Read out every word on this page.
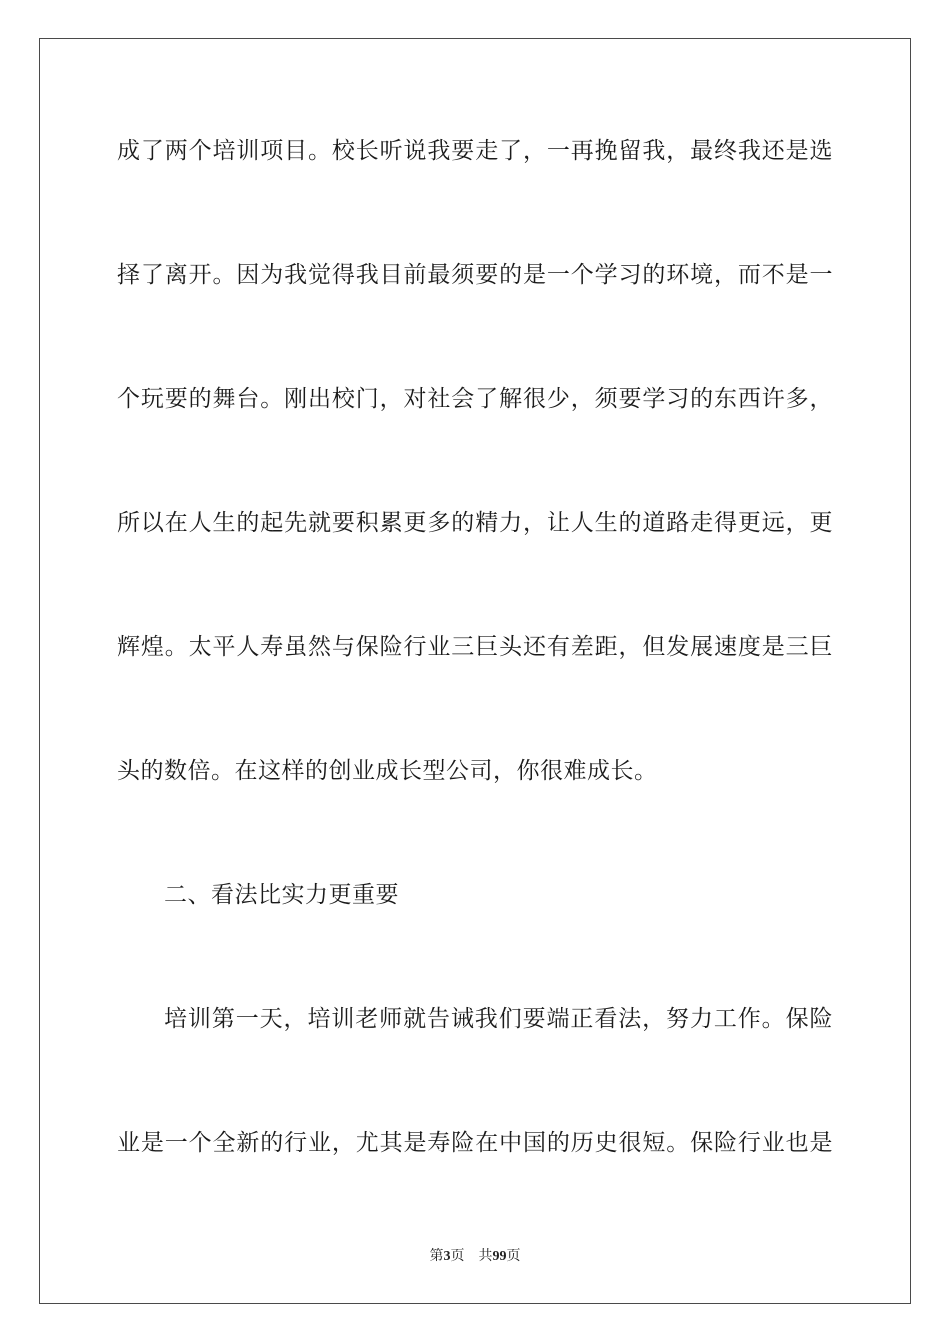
成了两个培训项目。校长听说我要走了，一再挽留我，最终我还是选
择了离开。因为我觉得我目前最须要的是一个学习的环境，而不是一
个玩要的舞台。刚出校门，对社会了解很少，须要学习的东西许多，
所以在人生的起先就要积累更多的精力，让人生的道路走得更远，更
辉煌。太平人寿虽然与保险行业三巨头还有差距，但发展速度是三巨
头的数倍。在这样的创业成长型公司，你很难成长。
二、看法比实力更重要
培训第一天，培训老师就告诫我们要端正看法，努力工作。保险
业是一个全新的行业，尤其是寿险在中国的历史很短。保险行业也是
第3页 共99页
